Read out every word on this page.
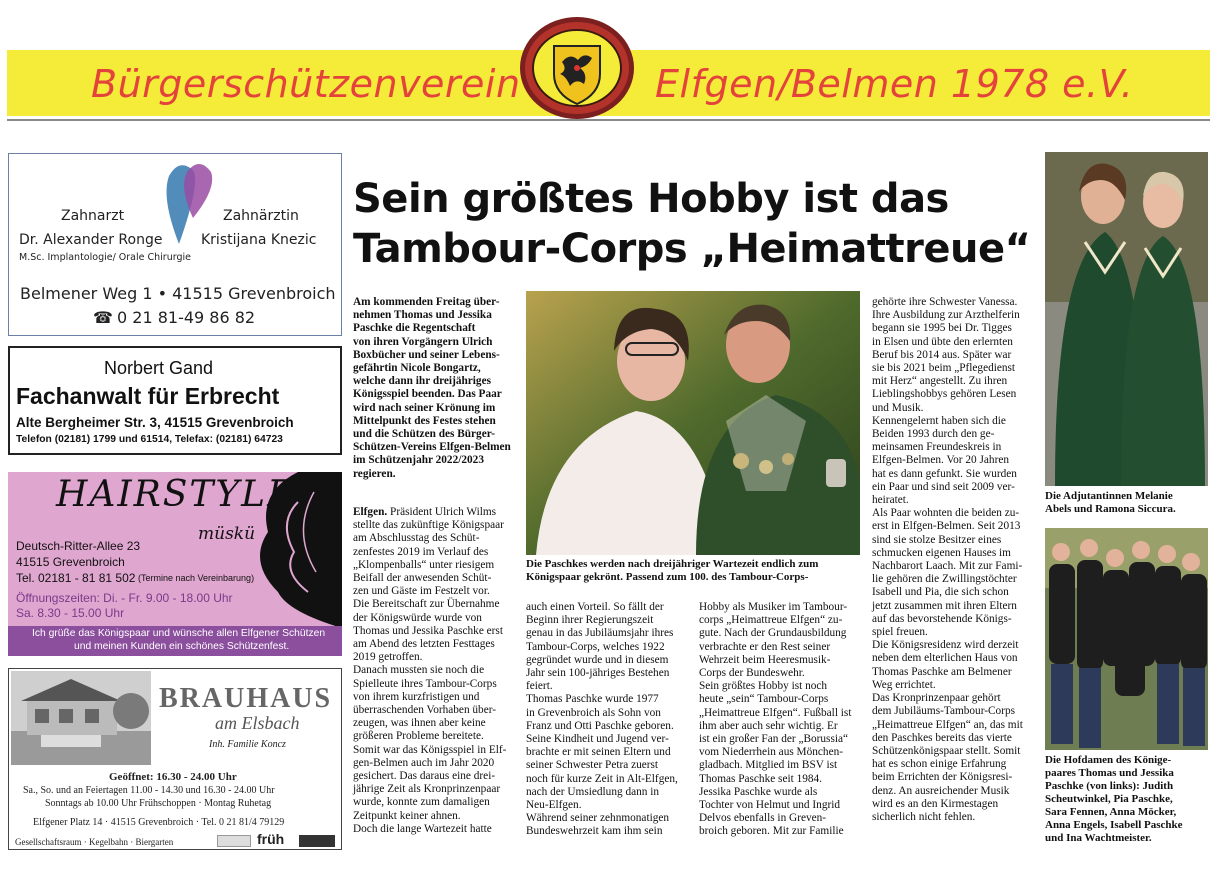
Bürgerschützenverein	Elfgen/Belmen 1978 e.V.
Zahnarzt
Dr. Alexander Ronge
M.Sc. Implantologie/ Orale Chirurgie
Zahnärztin
Kristijana Knezic
Belmener Weg 1 • 41515 Grevenbroich
☎ 0 21 81-49 86 82
Norbert Gand
Fachanwalt für Erbrecht
Alte Bergheimer Str. 3, 41515 Grevenbroich
Telefon (02181) 1799 und 61514, Telefax: (02181) 64723
HAIRSTYLE
müskü
Deutsch-Ritter-Allee 23
41515 Grevenbroich
Tel. 02181 - 81 81 502 (Termine nach Vereinbarung)
Öffnungszeiten: Di. - Fr. 9.00 - 18.00 Uhr
Sa. 8.30 - 15.00 Uhr
Ich grüße das Königspaar und wünsche allen Elfgener Schützen
und meinen Kunden ein schönes Schützenfest.
BRAUHAUS
am Elsbach
Inh. Familie Koncz
Geöffnet: 16.30 - 24.00 Uhr
Sa., So. und an Feiertagen 11.00 - 14.30 und 16.30 - 24.00 Uhr
Sonntags ab 10.00 Uhr Frühschoppen · Montag Ruhetag
Elfgener Platz 14 · 41515 Grevenbroich · Tel. 0 21 81/4 79129
Gesellschaftsraum · Kegelbahn · Biergarten	früh
Sein größtes Hobby ist das
Tambour-Corps „Heimattreue“
Die Paschkes werden nach dreijähriger Wartezeit endlich zum
Königspaar gekrönt. Passend zum 100. des Tambour-Corps-
Die Adjutantinnen Melanie
Abels und Ramona Siccura.
Die Hofdamen des Könige-
paares Thomas und Jessika
Paschke (von links): Judith
Scheutwinkel, Pia Paschke,
Sara Fennen, Anna Möcker,
Anna Engels, Isabell Paschke
und Ina Wachtmeister.

Am kommenden Freitag über-

nehmen Thomas und Jessika

Paschke die Regentschaft

von ihren Vorgängern Ulrich

Boxbücher und seiner Lebens-

gefährtin Nicole Bongartz,

welche dann ihr dreijähriges

Königsspiel beenden. Das Paar

wird nach seiner Krönung im

Mittelpunkt des Festes stehen

und die Schützen des Bürger-

Schützen-Vereins Elfgen-Belmen

im Schützenjahr 2022/2023

regieren.

Elfgen. Präsident Ulrich Wilms

stellte das zukünftige Königspaar

am Abschlusstag des Schüt-

zenfestes 2019 im Verlauf des

„Klompenballs“ unter riesigem

Beifall der anwesenden Schüt-

zen und Gäste im Festzelt vor.

Die Bereitschaft zur Übernahme

der Königswürde wurde von

Thomas und Jessika Paschke erst

am Abend des letzten Festtages

2019 getroffen.

Danach mussten sie noch die

Spielleute ihres Tambour-Corps

von ihrem kurzfristigen und

überraschenden Vorhaben über-

zeugen, was ihnen aber keine

größeren Probleme bereitete.

Somit war das Königsspiel in Elf-

gen-Belmen auch im Jahr 2020

gesichert. Das daraus eine drei-

jährige Zeit als Kronprinzenpaar

wurde, konnte zum damaligen

Zeitpunkt keiner ahnen.

Doch die lange Wartezeit hatte

auch einen Vorteil. So fällt der

Beginn ihrer Regierungszeit

genau in das Jubiläumsjahr ihres

Tambour-Corps, welches 1922

gegründet wurde und in diesem

Jahr sein 100-jähriges Bestehen

feiert.

Thomas Paschke wurde 1977

in Grevenbroich als Sohn von

Franz und Otti Paschke geboren.

Seine Kindheit und Jugend ver-

brachte er mit seinen Eltern und

seiner Schwester Petra zuerst

noch für kurze Zeit in Alt-Elfgen,

nach der Umsiedlung dann in

Neu-Elfgen.

Während seiner zehnmonatigen

Bundeswehrzeit kam ihm sein

Hobby als Musiker im Tambour-

corps „Heimattreue Elfgen“ zu-

gute. Nach der Grundausbildung

verbrachte er den Rest seiner

Wehrzeit beim Heeresmusik-

Corps der Bundeswehr.

Sein größtes Hobby ist noch

heute „sein“ Tambour-Corps

„Heimattreue Elfgen“. Fußball ist

ihm aber auch sehr wichtig. Er

ist ein großer Fan der „Borussia“

vom Niederrhein aus Mönchen-

gladbach. Mitglied im BSV ist

Thomas Paschke seit 1984.

Jessika Paschke wurde als

Tochter von Helmut und Ingrid

Delvos ebenfalls in Greven-

broich geboren. Mit zur Familie

gehörte ihre Schwester Vanessa.

Ihre Ausbildung zur Arzthelferin

begann sie 1995 bei Dr. Tigges

in Elsen und übte den erlernten

Beruf bis 2014 aus. Später war

sie bis 2021 beim „Pflegedienst

mit Herz“ angestellt. Zu ihren

Lieblingshobbys gehören Lesen

und Musik.

Kennengelernt haben sich die

Beiden 1993 durch den ge-

meinsamen Freundeskreis in

Elfgen-Belmen. Vor 20 Jahren

hat es dann gefunkt. Sie wurden

ein Paar und sind seit 2009 ver-

heiratet.

Als Paar wohnten die beiden zu-

erst in Elfgen-Belmen. Seit 2013

sind sie stolze Besitzer eines

schmucken eigenen Hauses im

Nachbarort Laach. Mit zur Fami-

lie gehören die Zwillingstöchter

Isabell und Pia, die sich schon

jetzt zusammen mit ihren Eltern

auf das bevorstehende Königs-

spiel freuen.

Die Königsresidenz wird derzeit

neben dem elterlichen Haus von

Thomas Paschke am Belmener

Weg errichtet.

Das Kronprinzenpaar gehört

dem Jubiläums-Tambour-Corps

„Heimattreue Elfgen“ an, das mit

den Paschkes bereits das vierte

Schützenkönigspaar stellt. Somit

hat es schon einige Erfahrung

beim Errichten der Königsresi-

denz. An ausreichender Musik

wird es an den Kirmestagen

sicherlich nicht fehlen.
